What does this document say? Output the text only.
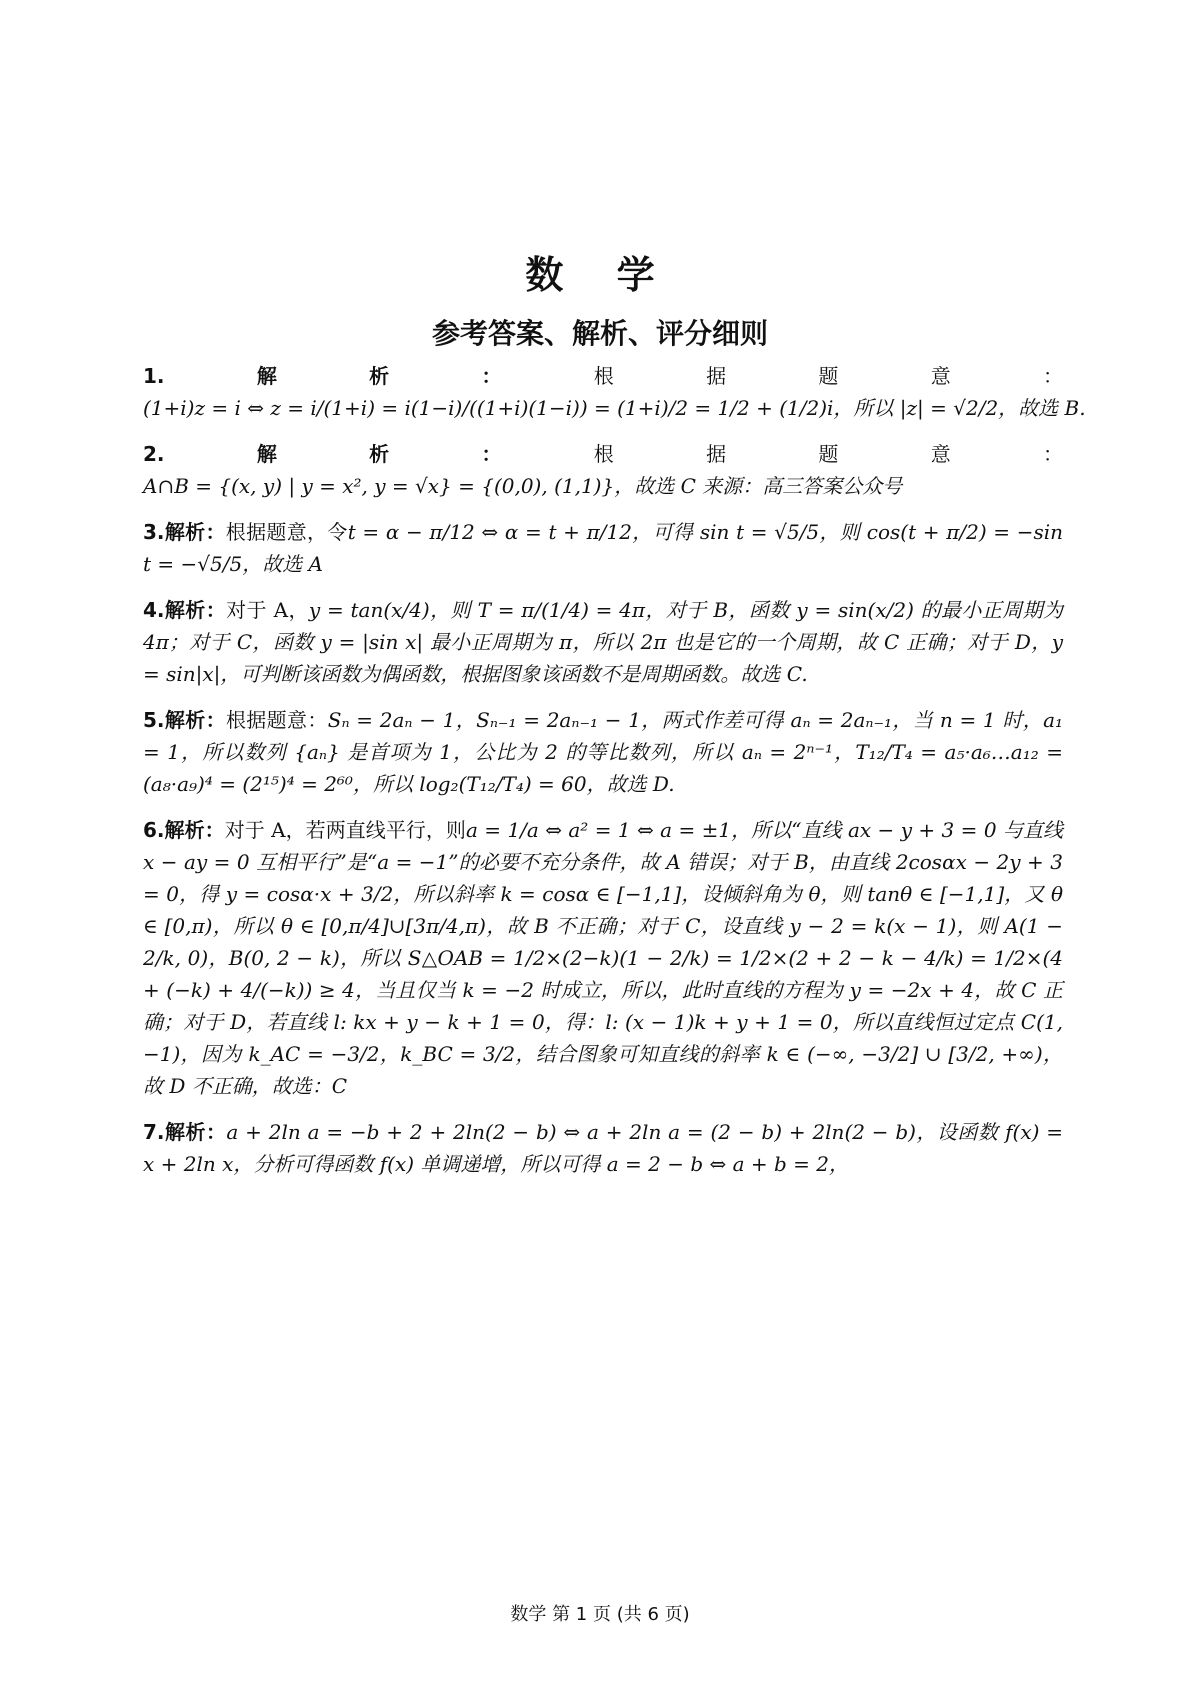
数 学
参考答案、解析、评分细则

1.解析：根据题意：(1+i)z = i ⇔ z = i/(1+i) = i(1−i)/((1+i)(1−i)) = (1+i)/2 = 1/2 + (1/2)i，所以 |z| = √2/2，故选 B.

2.解析：根据题意：A∩B = {(x, y) | y = x², y = √x} = {(0,0), (1,1)}，故选 C 来源：高三答案公众号

3.解析：根据题意，令t = α − π/12 ⇔ α = t + π/12，可得 sin t = √5/5，则 cos(t + π/2) = −sin t = −√5/5，故选 A

4.解析：对于 A，y = tan(x/4)，则 T = π/(1/4) = 4π，对于 B，函数 y = sin(x/2) 的最小正周期为 4π；对于 C，函数 y = |sin x| 最小正周期为 π，所以 2π 也是它的一个周期，故 C 正确；对于 D，y = sin|x|，可判断该函数为偶函数，根据图象该函数不是周期函数。故选 C.

5.解析：根据题意：Sₙ = 2aₙ − 1，Sₙ₋₁ = 2aₙ₋₁ − 1，两式作差可得 aₙ = 2aₙ₋₁，当 n = 1 时，a₁ = 1，所以数列 {aₙ} 是首项为 1，公比为 2 的等比数列，所以 aₙ = 2ⁿ⁻¹，T₁₂/T₄ = a₅·a₆…a₁₂ = (a₈·a₉)⁴ = (2¹⁵)⁴ = 2⁶⁰，所以 log₂(T₁₂/T₄) = 60，故选 D.

6.解析：对于 A，若两直线平行，则a = 1/a ⇔ a² = 1 ⇔ a = ±1，所以“直线 ax − y + 3 = 0 与直线 x − ay = 0 互相平行”是“a = −1”的必要不充分条件，故 A 错误；对于 B，由直线 2cosαx − 2y + 3 = 0，得 y = cosα·x + 3/2，所以斜率 k = cosα ∈ [−1,1]，设倾斜角为 θ，则 tanθ ∈ [−1,1]，又 θ ∈ [0,π)，所以 θ ∈ [0,π/4]∪[3π/4,π)，故 B 不正确；对于 C，设直线 y − 2 = k(x − 1)，则 A(1 − 2/k, 0)，B(0, 2 − k)，所以 S△OAB = 1/2×(2−k)(1 − 2/k) = 1/2×(2 + 2 − k − 4/k) = 1/2×(4 + (−k) + 4/(−k)) ≥ 4，当且仅当 k = −2 时成立，所以，此时直线的方程为 y = −2x + 4，故 C 正确；对于 D，若直线 l: kx + y − k + 1 = 0，得：l: (x − 1)k + y + 1 = 0，所以直线恒过定点 C(1, −1)，因为 k_AC = −3/2，k_BC = 3/2，结合图象可知直线的斜率 k ∈ (−∞, −3/2] ∪ [3/2, +∞)，故 D 不正确，故选：C

7.解析：a + 2ln a = −b + 2 + 2ln(2 − b) ⇔ a + 2ln a = (2 − b) + 2ln(2 − b)，设函数 f(x) = x + 2ln x，分析可得函数 f(x) 单调递增，所以可得 a = 2 − b ⇔ a + b = 2，

数学 第 1 页 (共 6 页)
